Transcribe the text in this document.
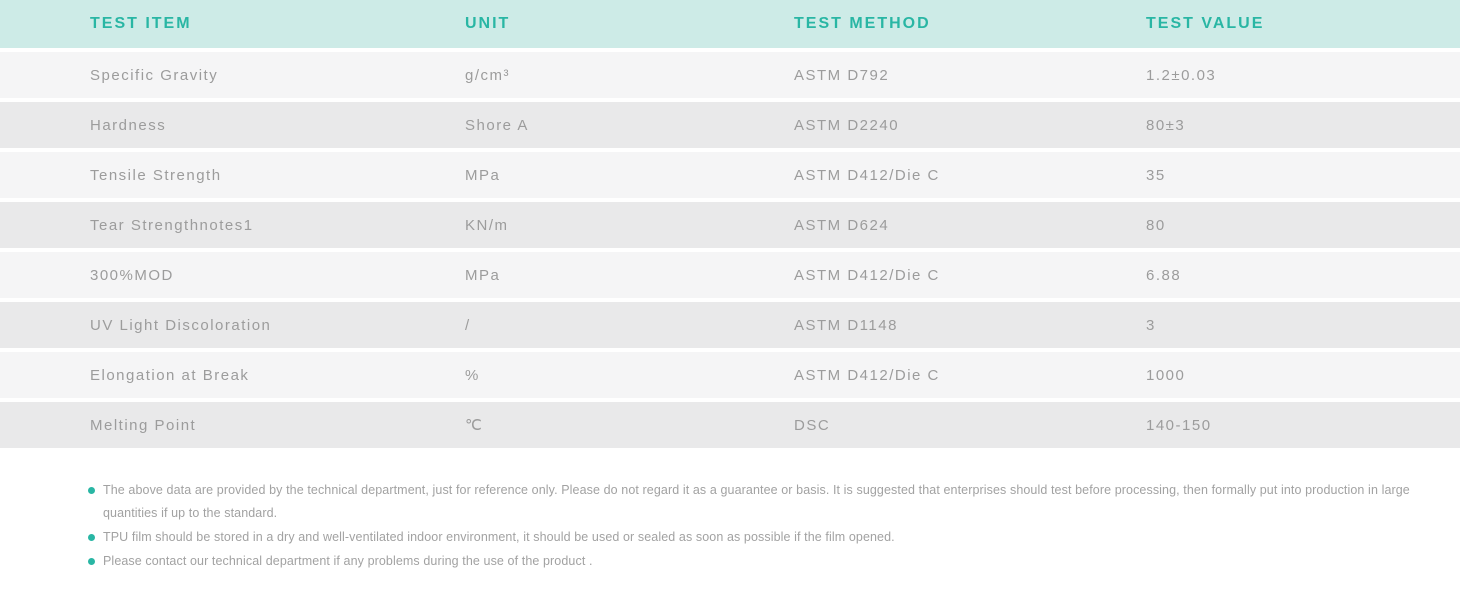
TEST ITEM	UNIT	TEST METHOD	TEST VALUE
Specific Gravity	g/cm³	ASTM D792	1.2±0.03
Hardness	Shore A	ASTM D2240	80±3
Tensile Strength	MPa	ASTM D412/Die C	35
Tear Strengthnotes1	KN/m	ASTM D624	80
300%MOD	MPa	ASTM D412/Die C	6.88
UV Light Discoloration	/	ASTM D1148	3
Elongation at Break	%	ASTM D412/Die C	1000
Melting Point	℃	DSC	140-150
The above data are provided by the technical department, just for reference only. Please do not regard it as a guarantee or basis. It is suggested that enterprises should test before processing, then formally put into production in large quantities if up to the standard.
TPU film should be stored in a dry and well-ventilated indoor environment, it should be used or sealed as soon as possible if the film opened.
Please contact our technical department if any problems during the use of the product .
